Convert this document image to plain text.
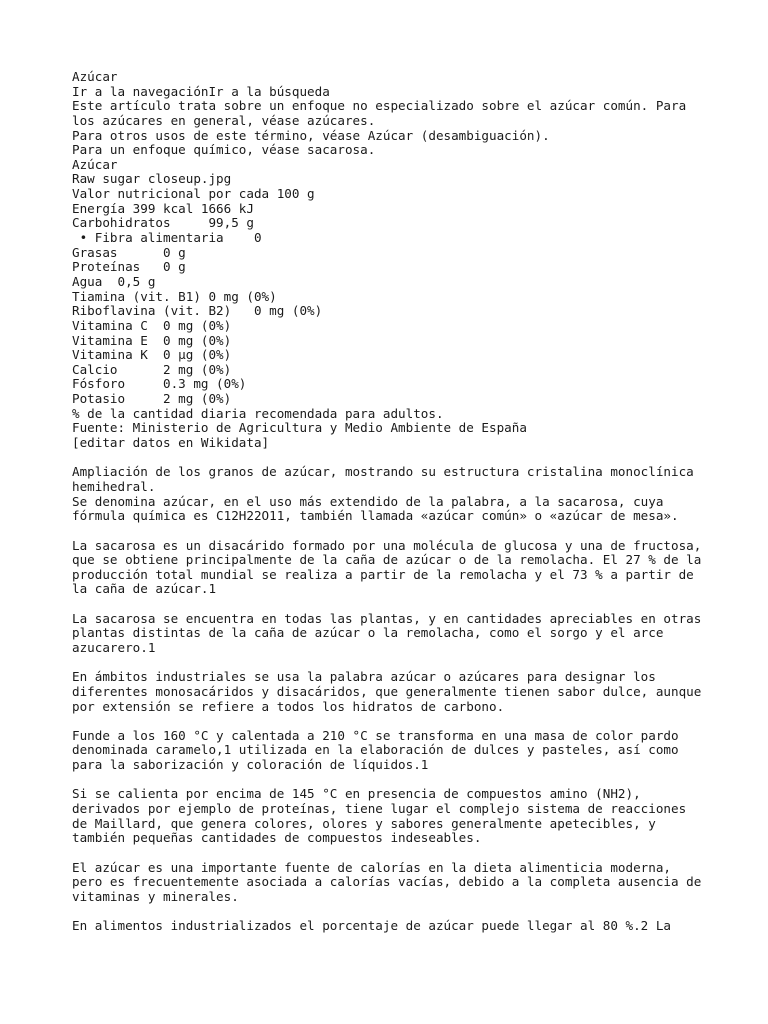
Azúcar
Ir a la navegaciónIr a la búsqueda
Este artículo trata sobre un enfoque no especializado sobre el azúcar común. Para
los azúcares en general, véase azúcares.
Para otros usos de este término, véase Azúcar (desambiguación).
Para un enfoque químico, véase sacarosa.
Azúcar
Raw sugar closeup.jpg
Valor nutricional por cada 100 g
Energía 399 kcal 1666 kJ
Carbohidratos     99,5 g
• Fibra alimentaria    0
Grasas      0 g
Proteínas   0 g
Agua  0,5 g
Tiamina (vit. B1) 0 mg (0%)
Riboflavina (vit. B2)   0 mg (0%)
Vitamina C  0 mg (0%)
Vitamina E  0 mg (0%)
Vitamina K  0 µg (0%)
Calcio      2 mg (0%)
Fósforo     0.3 mg (0%)
Potasio     2 mg (0%)
% de la cantidad diaria recomendada para adultos.
Fuente: Ministerio de Agricultura y Medio Ambiente de España
[editar datos en Wikidata]
Ampliación de los granos de azúcar, mostrando su estructura cristalina monoclínica
hemihedral.
Se denomina azúcar, en el uso más extendido de la palabra, a la sacarosa, cuya
fórmula química es C12H22O11, también llamada «azúcar común» o «azúcar de mesa».
La sacarosa es un disacárido formado por una molécula de glucosa y una de fructosa,
que se obtiene principalmente de la caña de azúcar o de la remolacha. El 27 % de la
producción total mundial se realiza a partir de la remolacha y el 73 % a partir de
la caña de azúcar.1
La sacarosa se encuentra en todas las plantas, y en cantidades apreciables en otras
plantas distintas de la caña de azúcar o la remolacha, como el sorgo y el arce
azucarero.1
En ámbitos industriales se usa la palabra azúcar o azúcares para designar los
diferentes monosacáridos y disacáridos, que generalmente tienen sabor dulce, aunque
por extensión se refiere a todos los hidratos de carbono.
Funde a los 160 °C y calentada a 210 °C se transforma en una masa de color pardo
denominada caramelo,1 utilizada en la elaboración de dulces y pasteles, así como
para la saborización y coloración de líquidos.1
Si se calienta por encima de 145 °C en presencia de compuestos amino (NH2),
derivados por ejemplo de proteínas, tiene lugar el complejo sistema de reacciones
de Maillard, que genera colores, olores y sabores generalmente apetecibles, y
también pequeñas cantidades de compuestos indeseables.
El azúcar es una importante fuente de calorías en la dieta alimenticia moderna,
pero es frecuentemente asociada a calorías vacías, debido a la completa ausencia de
vitaminas y minerales.
En alimentos industrializados el porcentaje de azúcar puede llegar al 80 %.2 La
